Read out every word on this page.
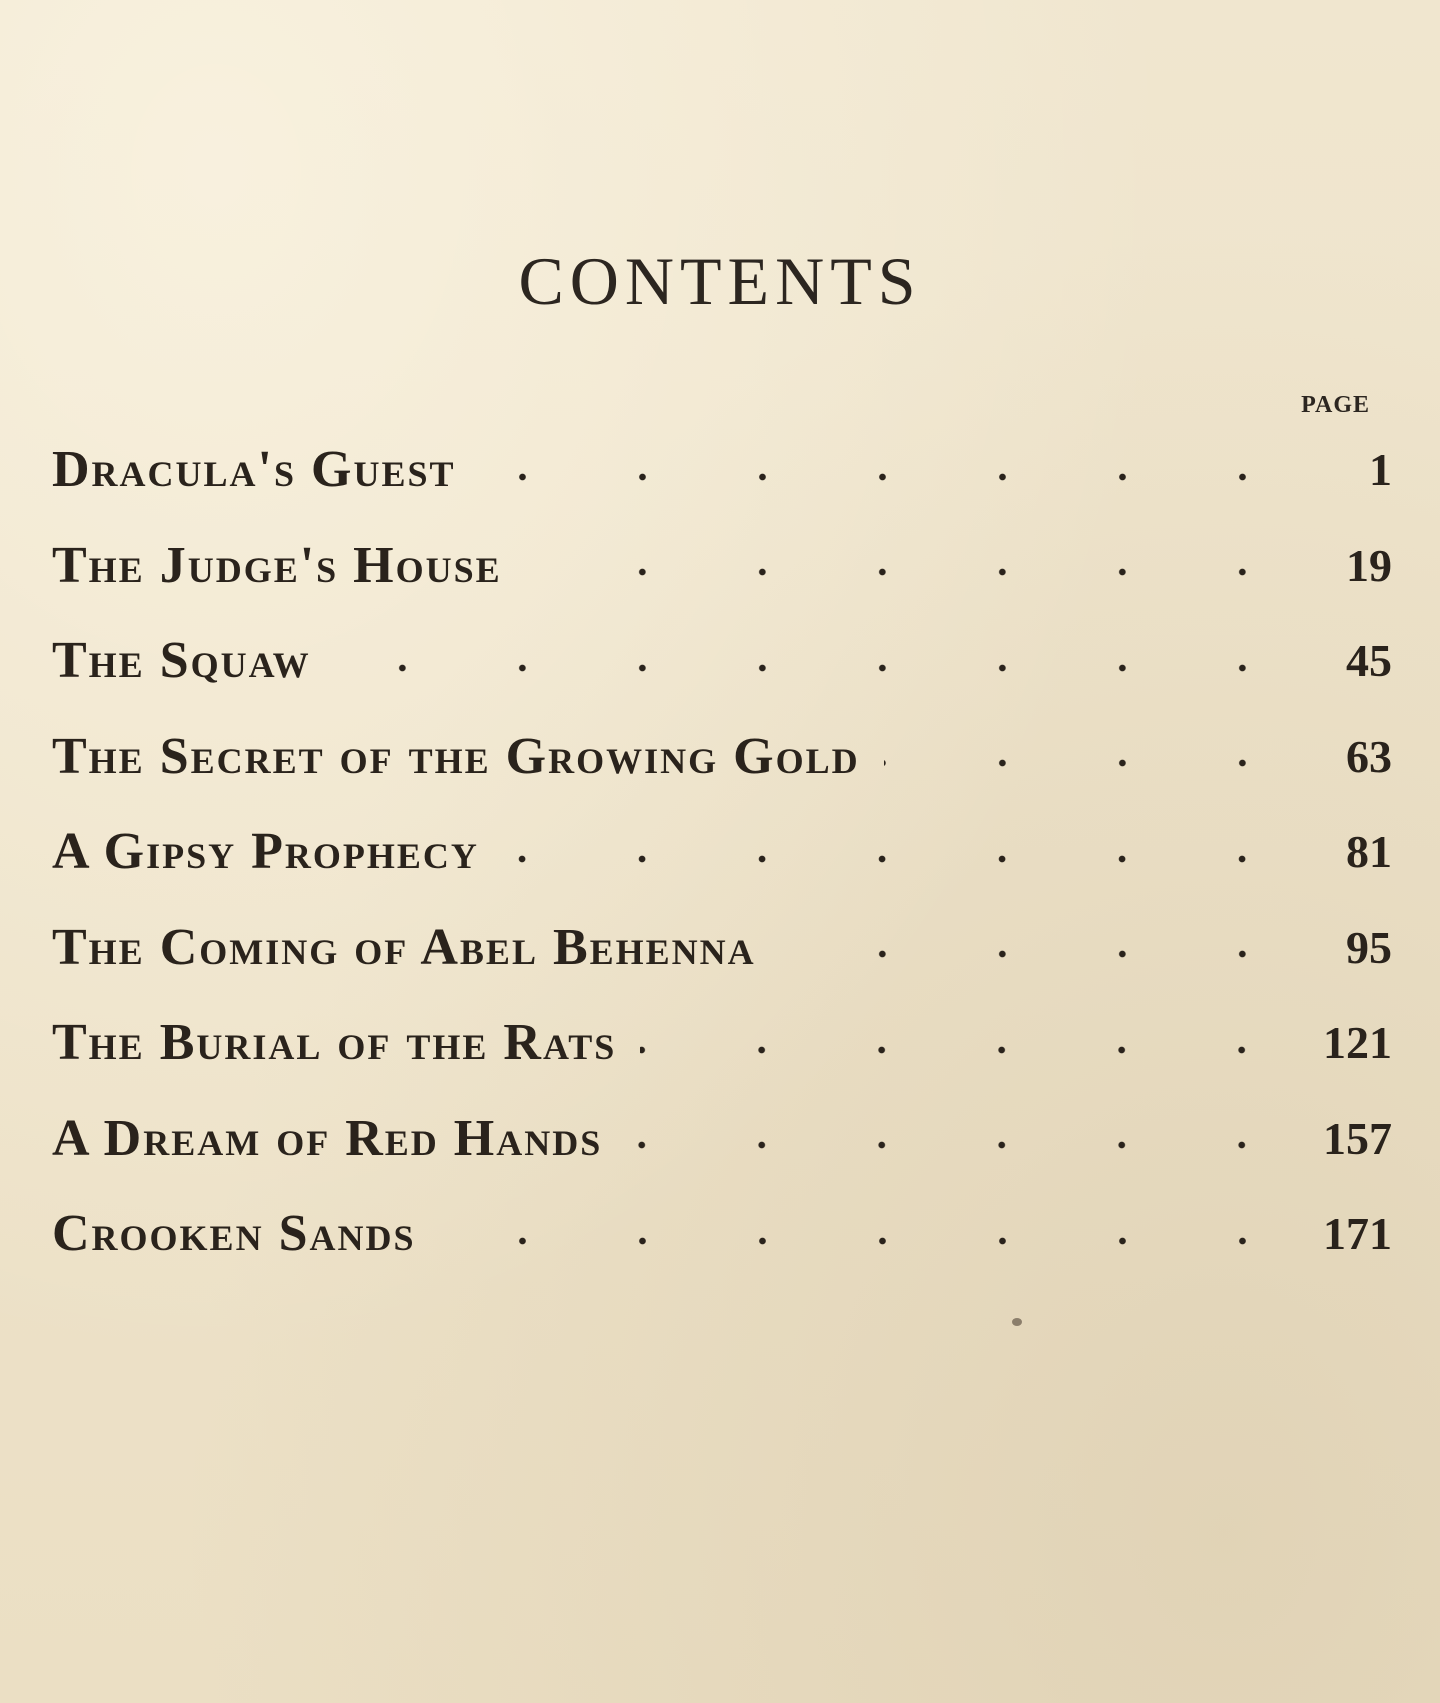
CONTENTS
PAGE
Dracula's Guest	1
The Judge's House	19
The Squaw	45
The Secret of the Growing Gold	63
A Gipsy Prophecy	81
The Coming of Abel Behenna	95
The Burial of the Rats	121
A Dream of Red Hands	157
Crooken Sands	171
